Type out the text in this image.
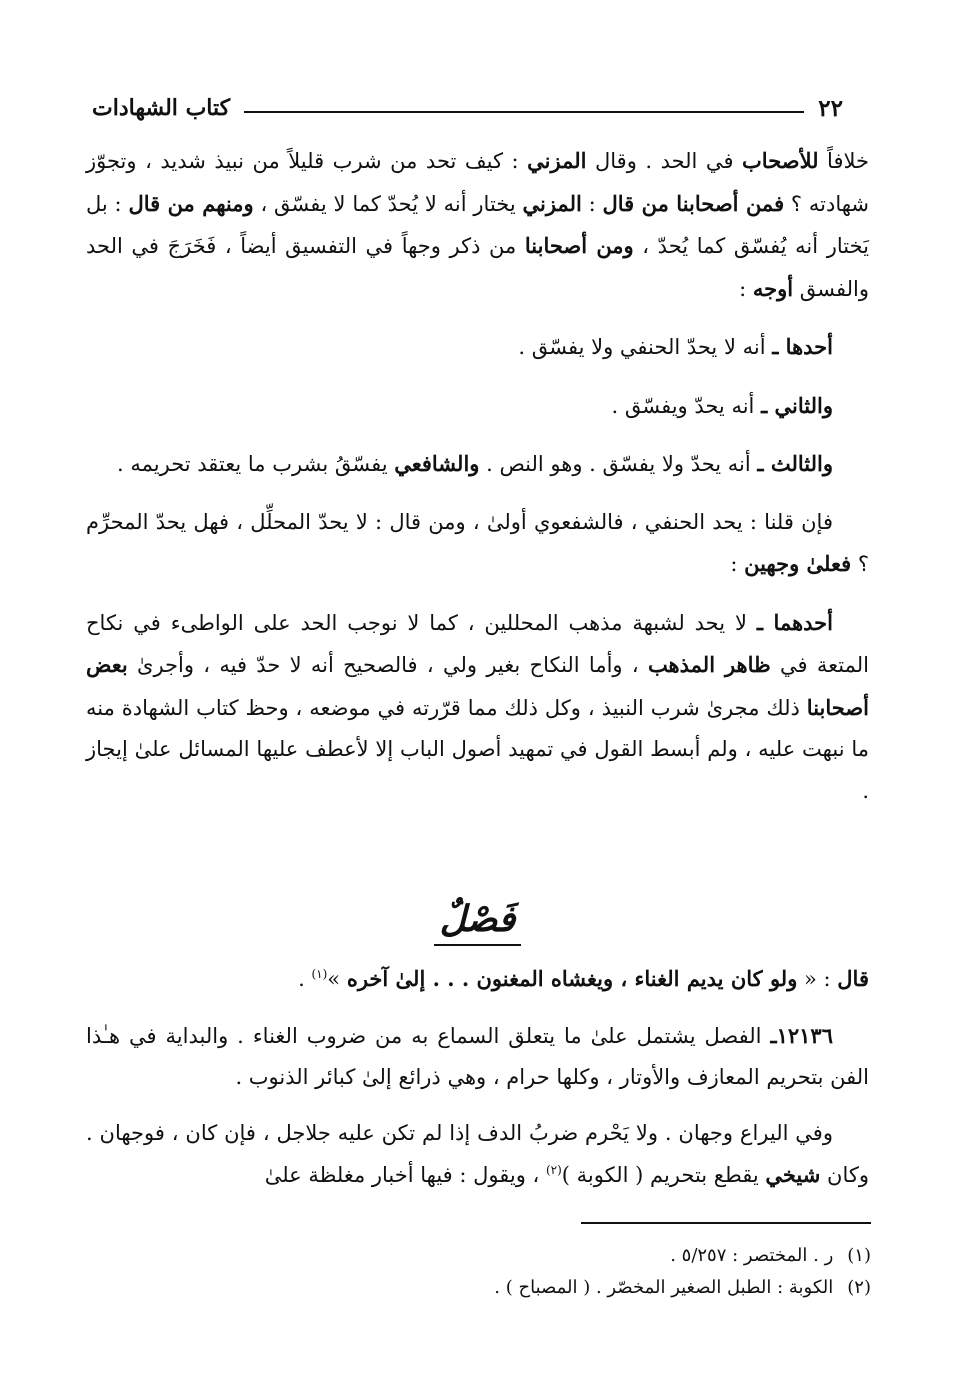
٢٢
كتاب الشهادات

خلافاً للأصحاب في الحد . وقال المزني : كيف تحد من شرب قليلاً من نبيذ شديد ، وتجوّز شهادته ؟ فمن أصحابنا من قال : المزني يختار أنه لا يُحدّ كما لا يفسّق ، ومنهم من قال : بل يَختار أنه يُفسّق كما يُحدّ ، ومن أصحابنا من ذكر وجهاً في التفسيق أيضاً ، فَخَرَجَ في الحد والفسق أوجه :

أحدها ـ أنه لا يحدّ الحنفي ولا يفسّق .

والثاني ـ أنه يحدّ ويفسّق .

والثالث ـ أنه يحدّ ولا يفسّق . وهو النص . والشافعي يفسّقُ بشرب ما يعتقد تحريمه .

فإن قلنا : يحد الحنفي ، فالشفعوي أولىٰ ، ومن قال : لا يحدّ المحلِّل ، فهل يحدّ المحرِّم ؟ فعلىٰ وجهين :

أحدهما ـ لا يحد لشبهة مذهب المحللين ، كما لا نوجب الحد على الواطىء في نكاح المتعة في ظاهر المذهب ، وأما النكاح بغير ولي ، فالصحيح أنه لا حدّ فيه ، وأجرىٰ بعض أصحابنا ذلك مجرىٰ شرب النبيذ ، وكل ذلك مما قرّرته في موضعه ، وحظ كتاب الشهادة منه ما نبهت عليه ، ولم أبسط القول في تمهيد أصول الباب إلا لأعطف عليها المسائل علىٰ إيجاز .

فَصْلٌ

قال : « ولو كان يديم الغناء ، ويغشاه المغنون . . . إلىٰ آخره »$^{(١)}$ .

١٢١٣٦ـ الفصل يشتمل علىٰ ما يتعلق السماع به من ضروب الغناء . والبداية في هـٰذا الفن بتحريم المعازف والأوتار ، وكلها حرام ، وهي ذرائع إلىٰ كبائر الذنوب .

وفي اليراع وجهان . ولا يَحْرم ضربُ الدف إذا لم تكن عليه جلاجل ، فإن كان ، فوجهان . وكان شيخي يقطع بتحريم ( الكوبة )$^{(٢)}$ ، ويقول : فيها أخبار مغلظة علىٰ

(١)ر . المختصر : ٥/٢٥٧ .
(٢)الكوبة : الطبل الصغير المخصّر . ( المصباح ) .
